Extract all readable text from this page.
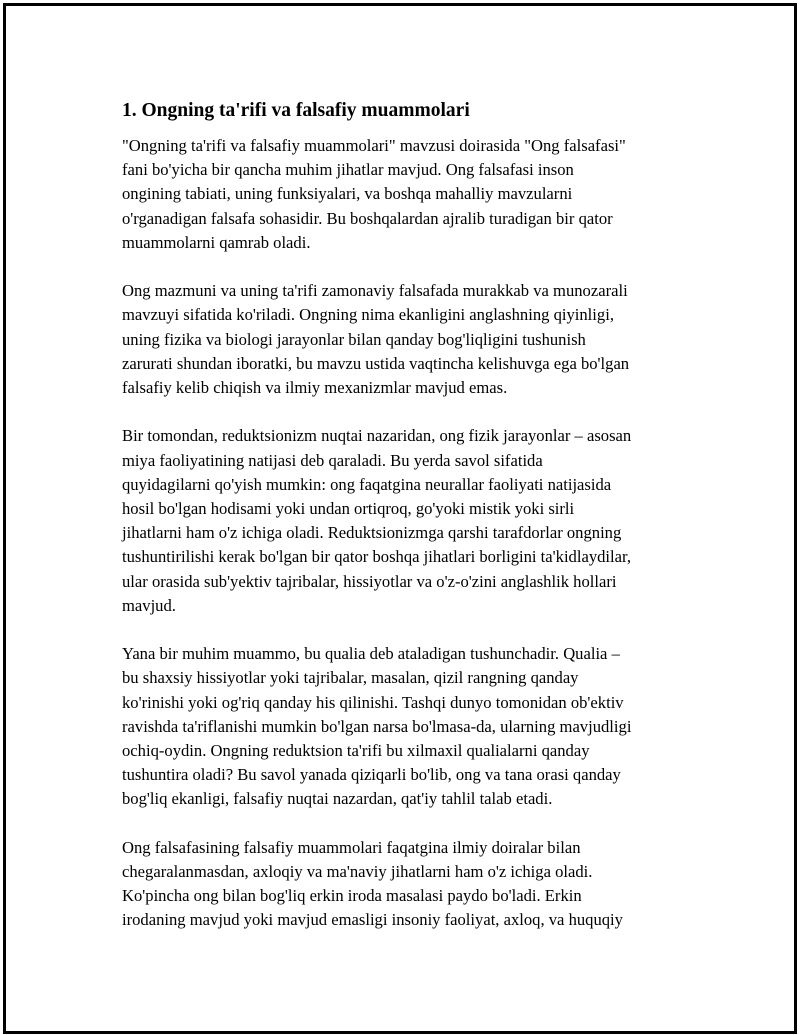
1. Ongning ta'rifi va falsafiy muammolari

"Ongning ta'rifi va falsafiy muammolari" mavzusi doirasida "Ong falsafasi"
fani bo'yicha bir qancha muhim jihatlar mavjud. Ong falsafasi inson
ongining tabiati, uning funksiyalari, va boshqa mahalliy mavzularni
o'rganadigan falsafa sohasidir. Bu boshqalardan ajralib turadigan bir qator
muammolarni qamrab oladi.

Ong mazmuni va uning ta'rifi zamonaviy falsafada murakkab va munozarali
mavzuyi sifatida ko'riladi. Ongning nima ekanligini anglashning qiyinligi,
uning fizika va biologi jarayonlar bilan qanday bog'liqligini tushunish
zarurati shundan iboratki, bu mavzu ustida vaqtincha kelishuvga ega bo'lgan
falsafiy kelib chiqish va ilmiy mexanizmlar mavjud emas.

Bir tomondan, reduktsionizm nuqtai nazaridan, ong fizik jarayonlar – asosan
miya faoliyatining natijasi deb qaraladi. Bu yerda savol sifatida
quyidagilarni qo'yish mumkin: ong faqatgina neurallar faoliyati natijasida
hosil bo'lgan hodisami yoki undan ortiqroq, go'yoki mistik yoki sirli
jihatlarni ham o'z ichiga oladi. Reduktsionizmga qarshi tarafdorlar ongning
tushuntirilishi kerak bo'lgan bir qator boshqa jihatlari borligini ta'kidlaydilar,
ular orasida sub'yektiv tajribalar, hissiyotlar va o'z-o'zini anglashlik hollari
mavjud.

Yana bir muhim muammo, bu qualia deb ataladigan tushunchadir. Qualia –
bu shaxsiy hissiyotlar yoki tajribalar, masalan, qizil rangning qanday
ko'rinishi yoki og'riq qanday his qilinishi. Tashqi dunyo tomonidan ob'ektiv
ravishda ta'riflanishi mumkin bo'lgan narsa bo'lmasa-da, ularning mavjudligi
ochiq-oydin. Ongning reduktsion ta'rifi bu xilmaxil qualialarni qanday
tushuntira oladi? Bu savol yanada qiziqarli bo'lib, ong va tana orasi qanday
bog'liq ekanligi, falsafiy nuqtai nazardan, qat'iy tahlil talab etadi.

Ong falsafasining falsafiy muammolari faqatgina ilmiy doiralar bilan
chegaralanmasdan, axloqiy va ma'naviy jihatlarni ham o'z ichiga oladi.
Ko'pincha ong bilan bog'liq erkin iroda masalasi paydo bo'ladi. Erkin
irodaning mavjud yoki mavjud emasligi insoniy faoliyat, axloq, va huquqiy
